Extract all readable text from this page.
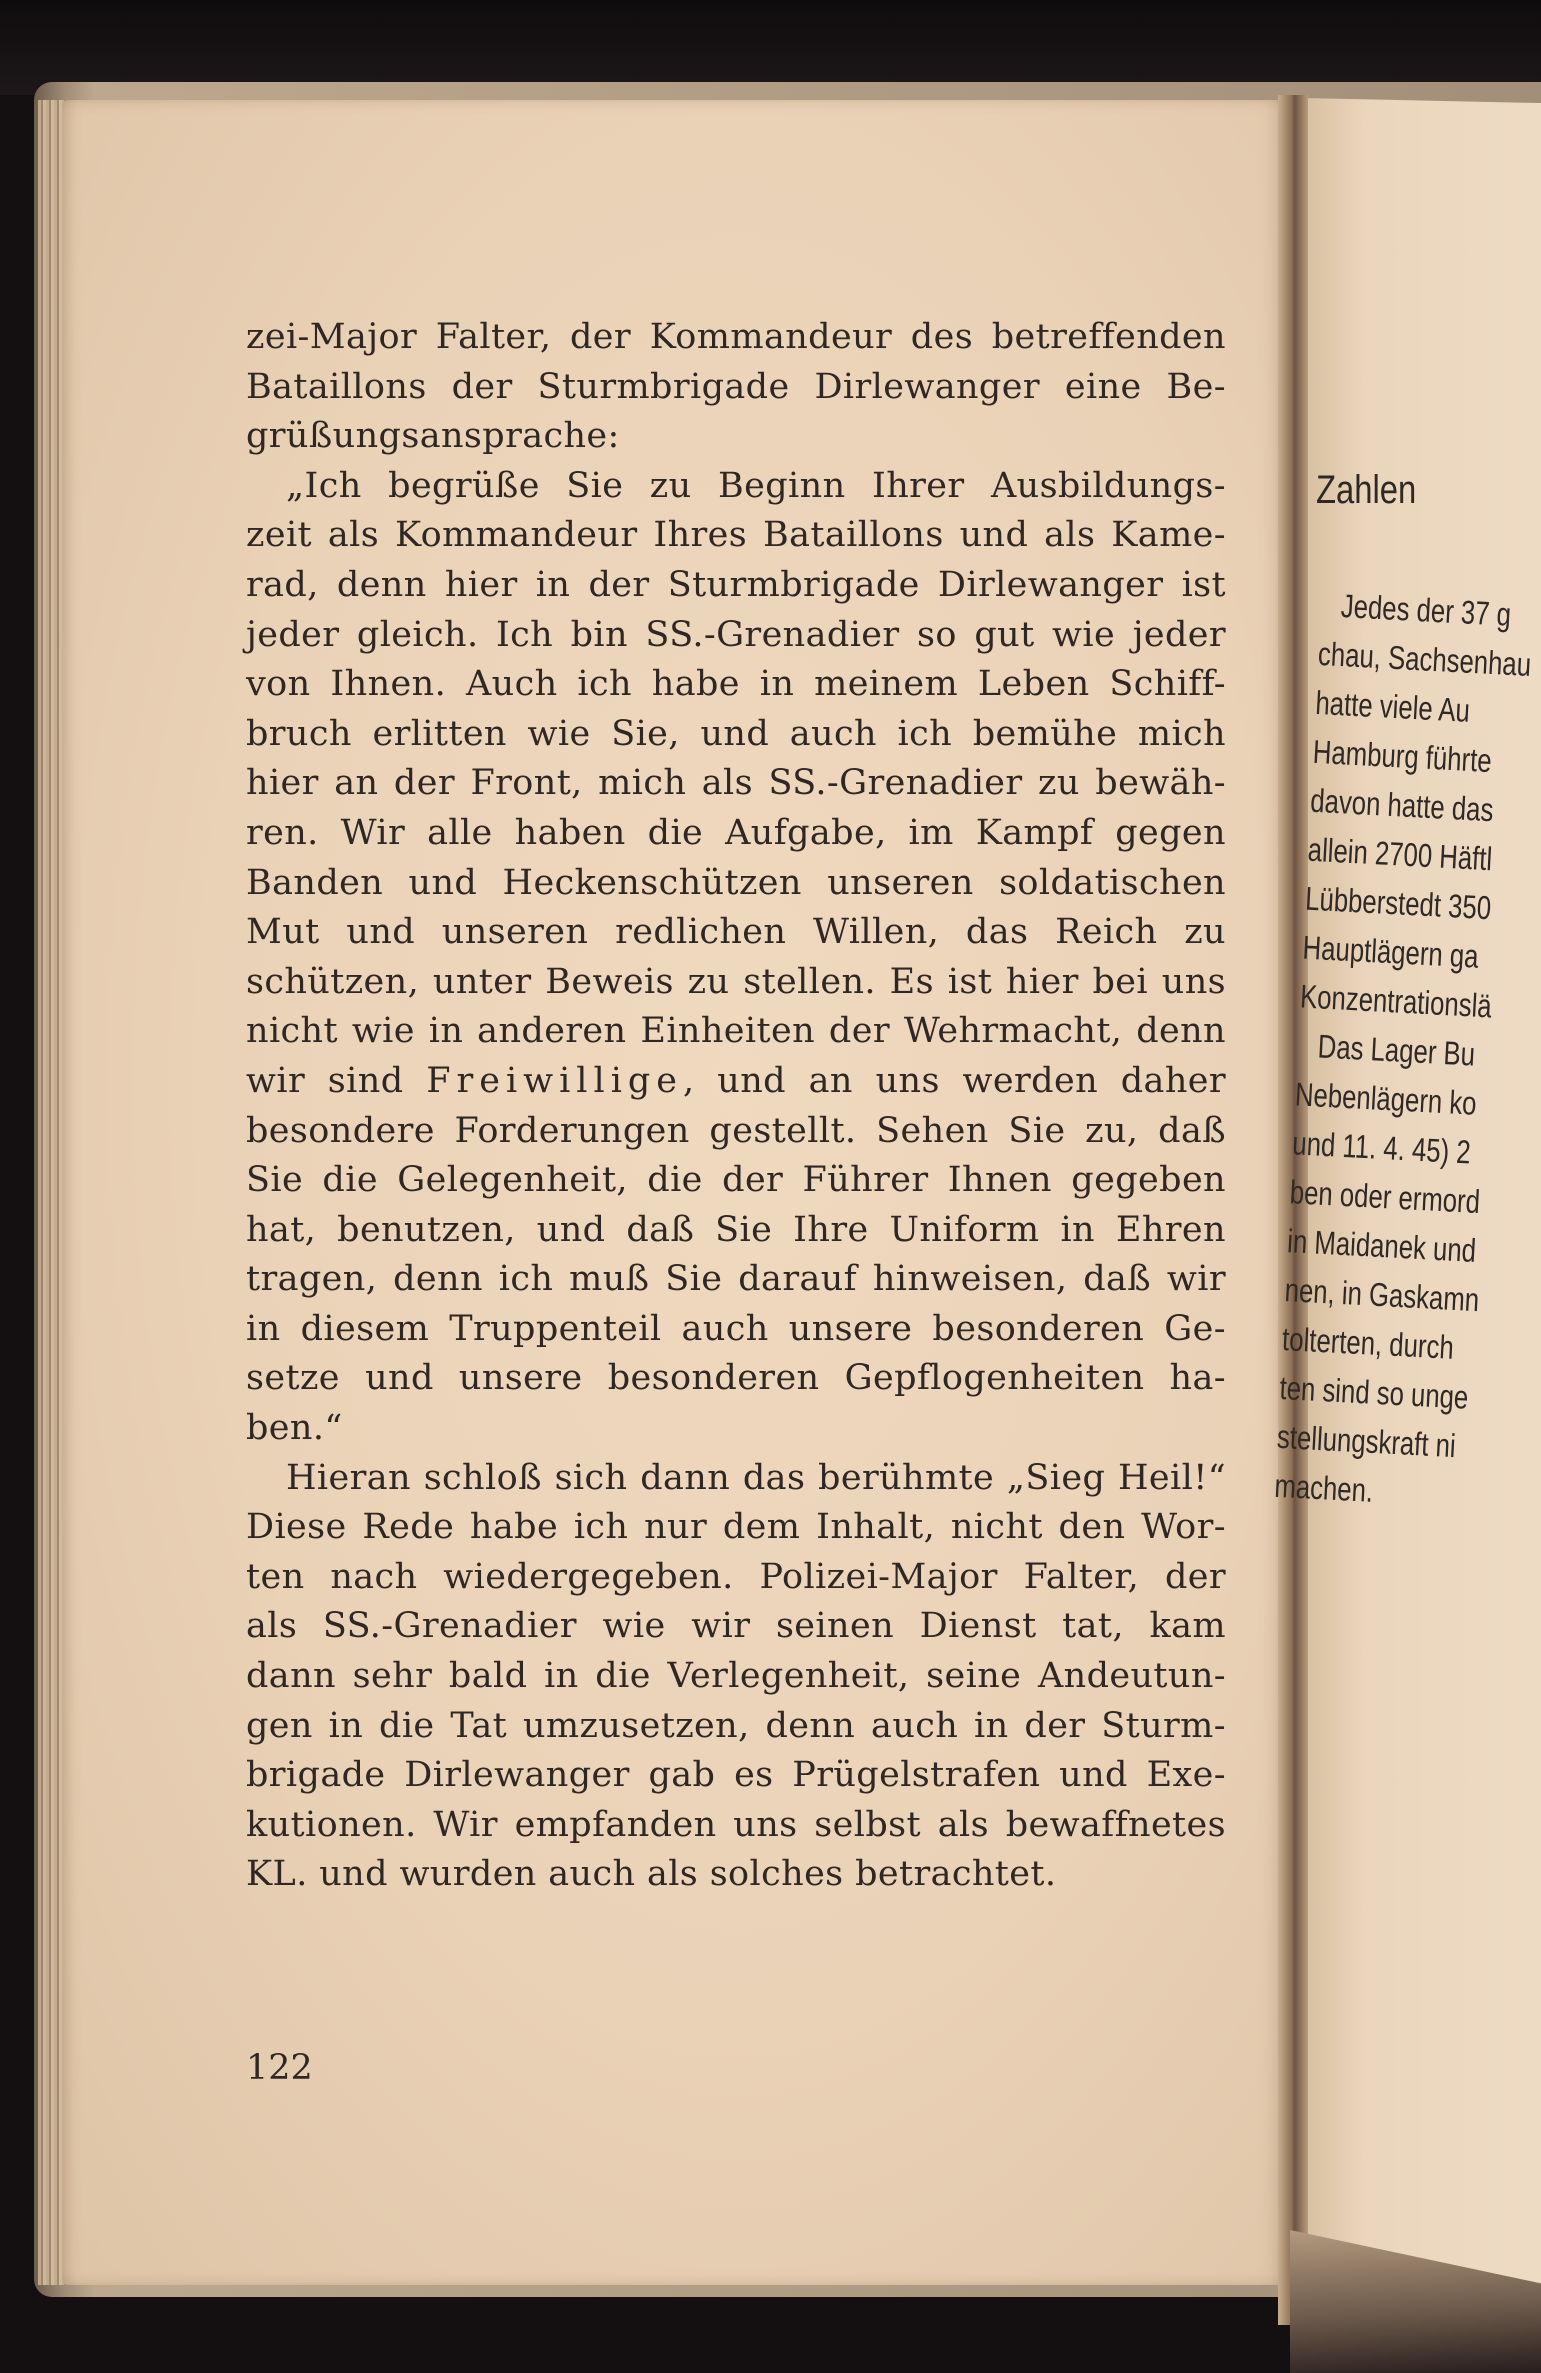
zei-Major Falter, der Kommandeur des betreffenden
Bataillons der Sturmbrigade Dirlewanger eine Be-
grüßungsansprache:
„Ich begrüße Sie zu Beginn Ihrer Ausbildungs-
zeit als Kommandeur Ihres Bataillons und als Kame-
rad, denn hier in der Sturmbrigade Dirlewanger ist
jeder gleich. Ich bin SS.-Grenadier so gut wie jeder
von Ihnen. Auch ich habe in meinem Leben Schiff-
bruch erlitten wie Sie, und auch ich bemühe mich
hier an der Front, mich als SS.-Grenadier zu bewäh-
ren. Wir alle haben die Aufgabe, im Kampf gegen
Banden und Heckenschützen unseren soldatischen
Mut und unseren redlichen Willen, das Reich zu
schützen, unter Beweis zu stellen. Es ist hier bei uns
nicht wie in anderen Einheiten der Wehrmacht, denn
wir sind Freiwillige, und an uns werden daher
besondere Forderungen gestellt. Sehen Sie zu, daß
Sie die Gelegenheit, die der Führer Ihnen gegeben
hat, benutzen, und daß Sie Ihre Uniform in Ehren
tragen, denn ich muß Sie darauf hinweisen, daß wir
in diesem Truppenteil auch unsere besonderen Ge-
setze und unsere besonderen Gepflogenheiten ha-
ben.“
Hieran schloß sich dann das berühmte „Sieg Heil!“
Diese Rede habe ich nur dem Inhalt, nicht den Wor-
ten nach wiedergegeben. Polizei-Major Falter, der
als SS.-Grenadier wie wir seinen Dienst tat, kam
dann sehr bald in die Verlegenheit, seine Andeutun-
gen in die Tat umzusetzen, denn auch in der Sturm-
brigade Dirlewanger gab es Prügelstrafen und Exe-
kutionen. Wir empfanden uns selbst als bewaffnetes
KL. und wurden auch als solches betrachtet.
122
Zahlen
Jedes der 37 g
chau, Sachsenhau
hatte viele Au
Hamburg führte
davon hatte das
allein 2700 Häftl
Lübberstedt 350
Hauptlägern ga
Konzentrationslä
Das Lager Bu
Nebenlägern ko
und 11. 4. 45) 2
ben oder ermord
in Maidanek und
nen, in Gaskamn
tolterten, durch
ten sind so unge
stellungskraft ni
machen.
